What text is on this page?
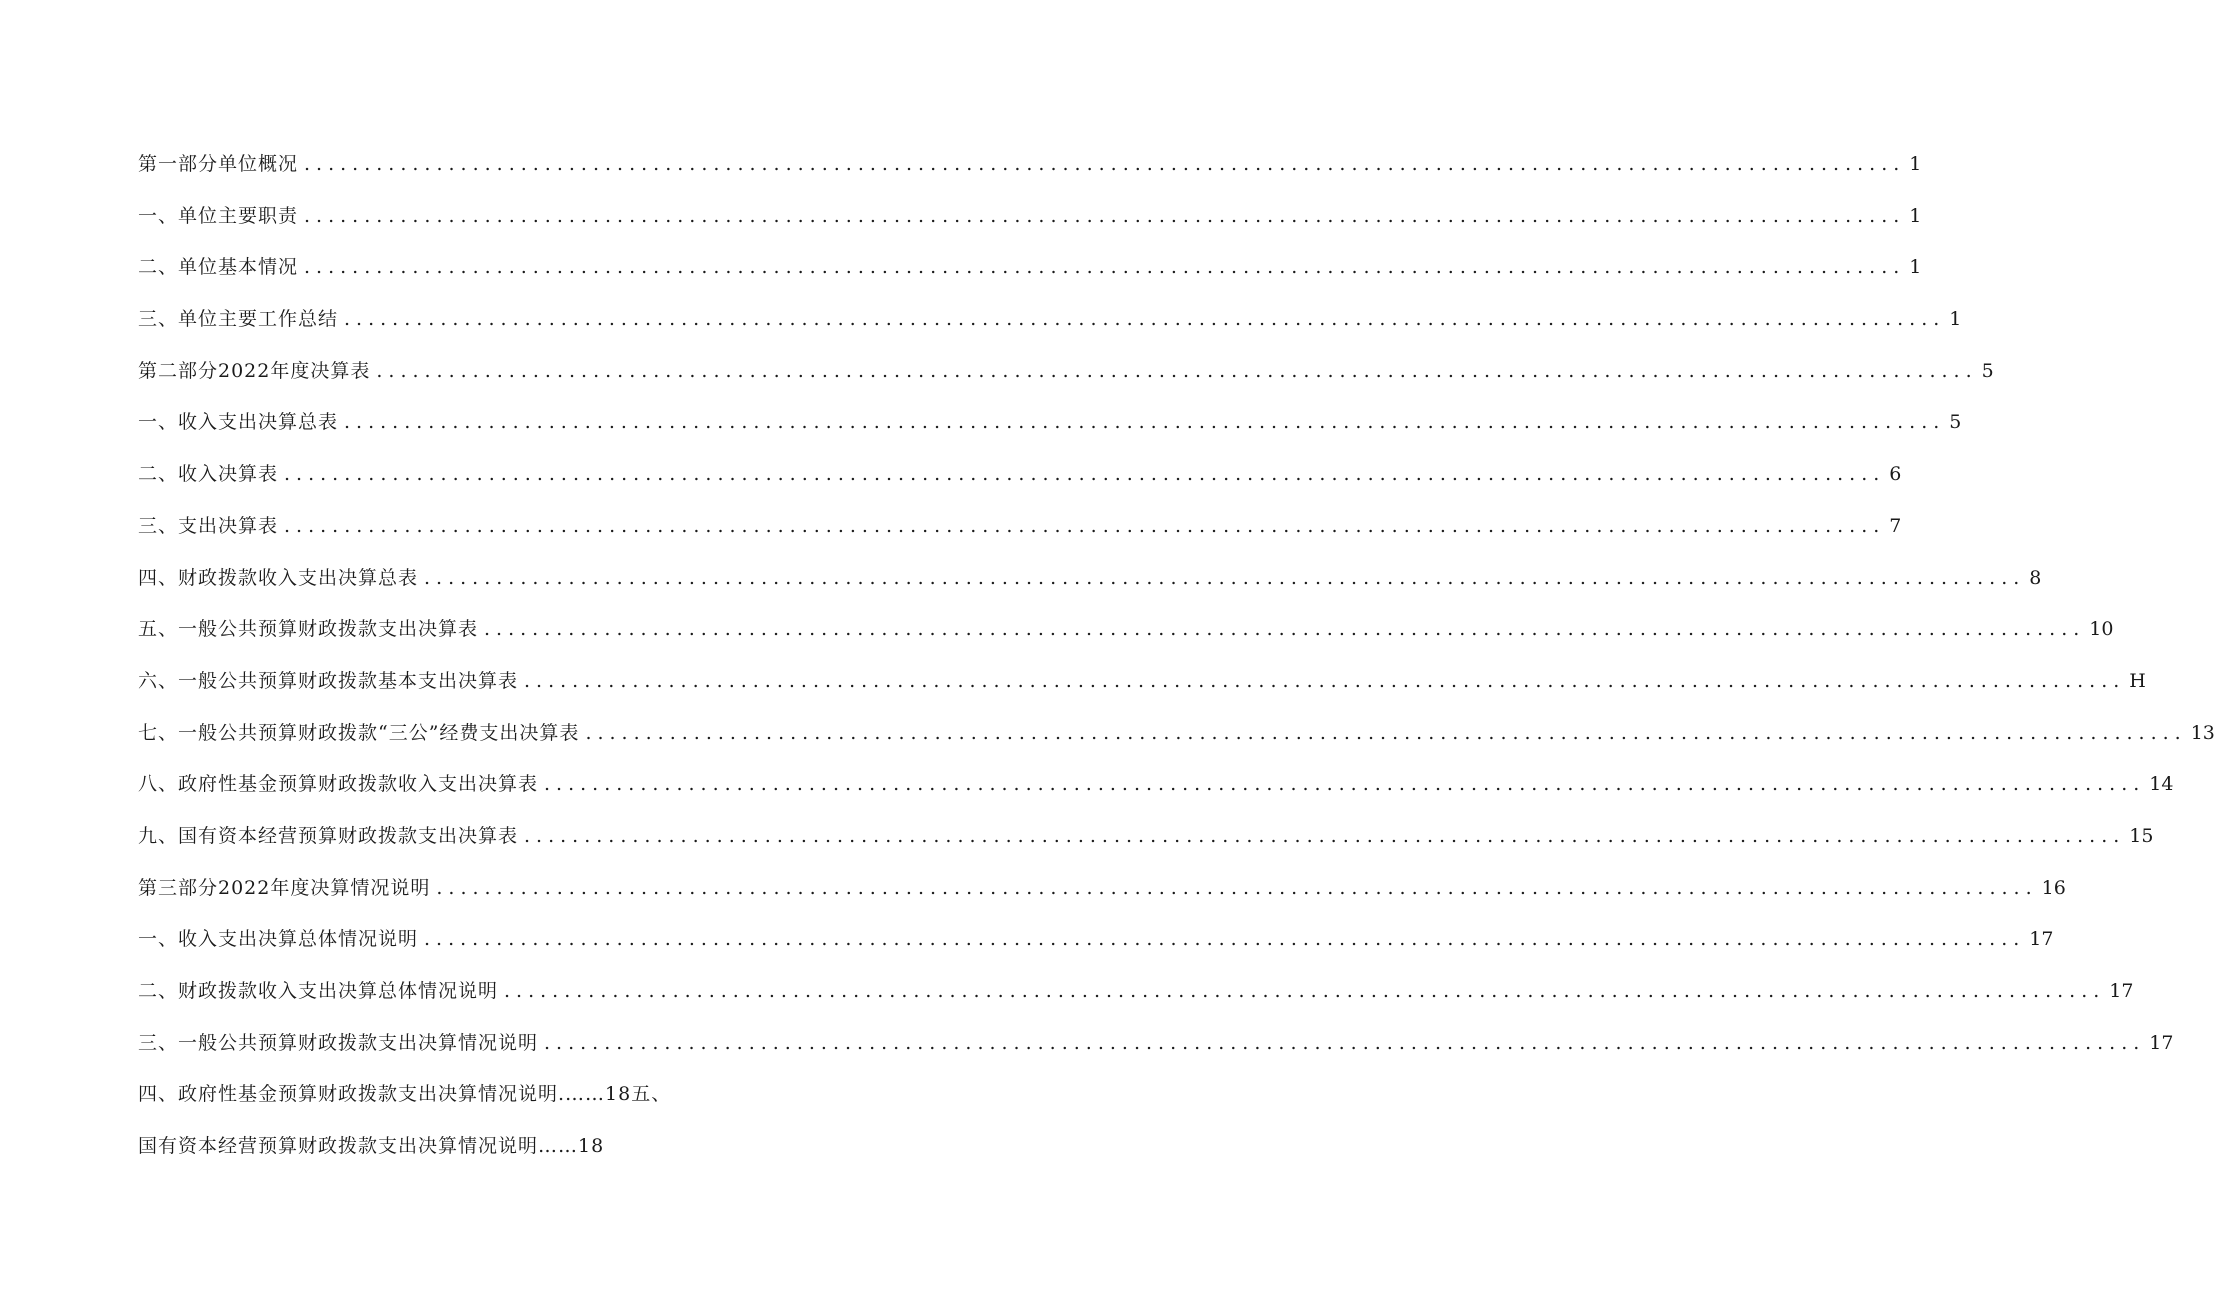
第一部分单位概况 ..................................................................................................................................... 1
一、单位主要职责 ..................................................................................................................................... 1
二、单位基本情况 ..................................................................................................................................... 1
三、单位主要工作总结 ..................................................................................................................................... 1
第二部分2022年度决算表 ..................................................................................................................................... 5
一、收入支出决算总表 ..................................................................................................................................... 5
二、收入决算表 ..................................................................................................................................... 6
三、支出决算表 ..................................................................................................................................... 7
四、财政拨款收入支出决算总表 ..................................................................................................................................... 8
五、一般公共预算财政拨款支出决算表 ..................................................................................................................................... 10
六、一般公共预算财政拨款基本支出决算表 ..................................................................................................................................... H
七、一般公共预算财政拨款“三公”经费支出决算表 ..................................................................................................................................... 13
八、政府性基金预算财政拨款收入支出决算表 ..................................................................................................................................... 14
九、国有资本经营预算财政拨款支出决算表 ..................................................................................................................................... 15
第三部分2022年度决算情况说明 ..................................................................................................................................... 16
一、收入支出决算总体情况说明 ..................................................................................................................................... 17
二、财政拨款收入支出决算总体情况说明 ..................................................................................................................................... 17
三、一般公共预算财政拨款支出决算情况说明 ..................................................................................................................................... 17
四、政府性基金预算财政拨款支出决算情况说明.……18五、
国有资本经营预算财政拨款支出决算情况说明……18
